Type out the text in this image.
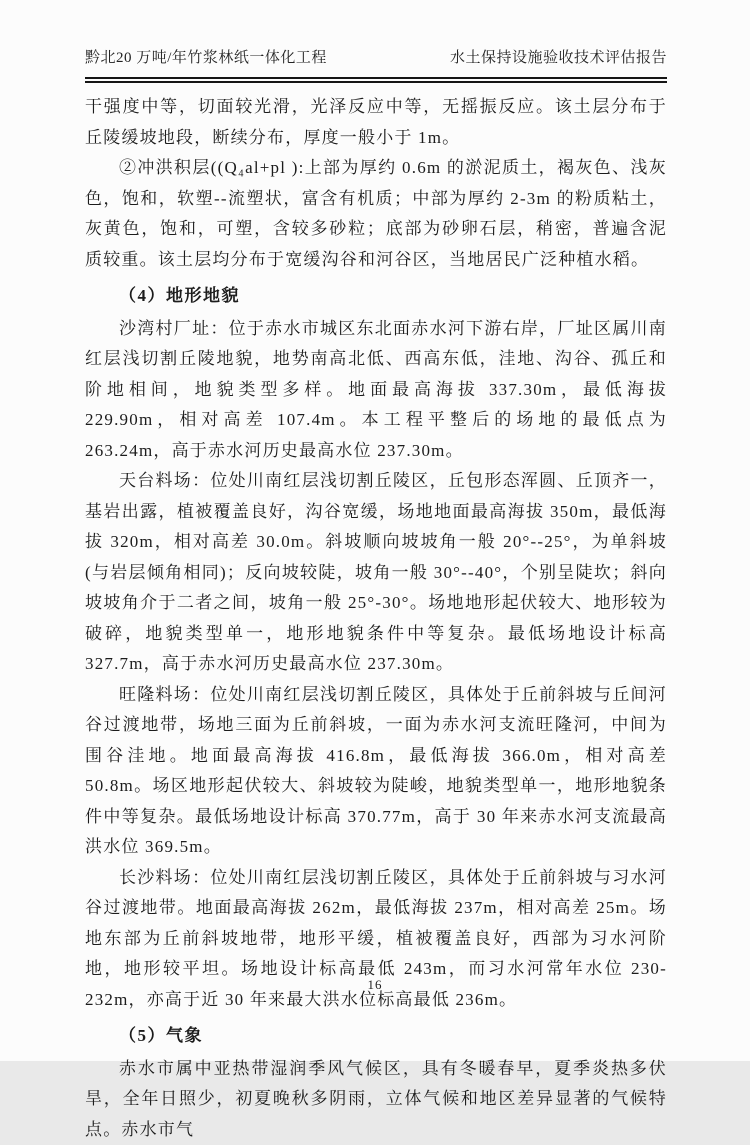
黔北20 万吨/年竹浆林纸一体化工程	水土保持设施验收技术评估报告

干强度中等，切面较光滑，光泽反应中等，无摇振反应。该土层分布于丘陵缓坡地段，断续分布，厚度一般小于 1m。

②冲洪积层((Q₄al+pl ):上部为厚约 0.6m 的淤泥质土，褐灰色、浅灰色，饱和，软塑--流塑状，富含有机质；中部为厚约 2-3m 的粉质粘土，灰黄色，饱和，可塑，含较多砂粒；底部为砂卵石层，稍密，普遍含泥质较重。该土层均分布于宽缓沟谷和河谷区，当地居民广泛种植水稻。

（4）地形地貌

沙湾村厂址：位于赤水市城区东北面赤水河下游右岸，厂址区属川南红层浅切割丘陵地貌，地势南高北低、西高东低，洼地、沟谷、孤丘和阶地相间，地貌类型多样。地面最高海拔 337.30m，最低海拔 229.90m，相对高差 107.4m。本工程平整后的场地的最低点为 263.24m，高于赤水河历史最高水位 237.30m。

天台料场：位处川南红层浅切割丘陵区，丘包形态浑圆、丘顶齐一，基岩出露，植被覆盖良好，沟谷宽缓，场地地面最高海拔 350m，最低海拔 320m，相对高差 30.0m。斜坡顺向坡坡角一般 20°--25°，为单斜坡(与岩层倾角相同)；反向坡较陡，坡角一般 30°--40°，个别呈陡坎；斜向坡坡角介于二者之间，坡角一般 25°-30°。场地地形起伏较大、地形较为破碎，地貌类型单一，地形地貌条件中等复杂。最低场地设计标高 327.7m，高于赤水河历史最高水位 237.30m。

旺隆料场：位处川南红层浅切割丘陵区，具体处于丘前斜坡与丘间河谷过渡地带，场地三面为丘前斜坡，一面为赤水河支流旺隆河，中间为围谷洼地。地面最高海拔 416.8m，最低海拔 366.0m，相对高差 50.8m。场区地形起伏较大、斜坡较为陡峻，地貌类型单一，地形地貌条件中等复杂。最低场地设计标高 370.77m，高于 30 年来赤水河支流最高洪水位 369.5m。

长沙料场：位处川南红层浅切割丘陵区，具体处于丘前斜坡与习水河谷过渡地带。地面最高海拔 262m，最低海拔 237m，相对高差 25m。场地东部为丘前斜坡地带，地形平缓，植被覆盖良好，西部为习水河阶地，地形较平坦。场地设计标高最低 243m，而习水河常年水位 230-232m，亦高于近 30 年来最大洪水位标高最低 236m。

（5）气象

赤水市属中亚热带湿润季风气候区，具有冬暖春早，夏季炎热多伏旱，全年日照少，初夏晚秋多阴雨，立体气候和地区差异显著的气候特点。赤水市气

16
